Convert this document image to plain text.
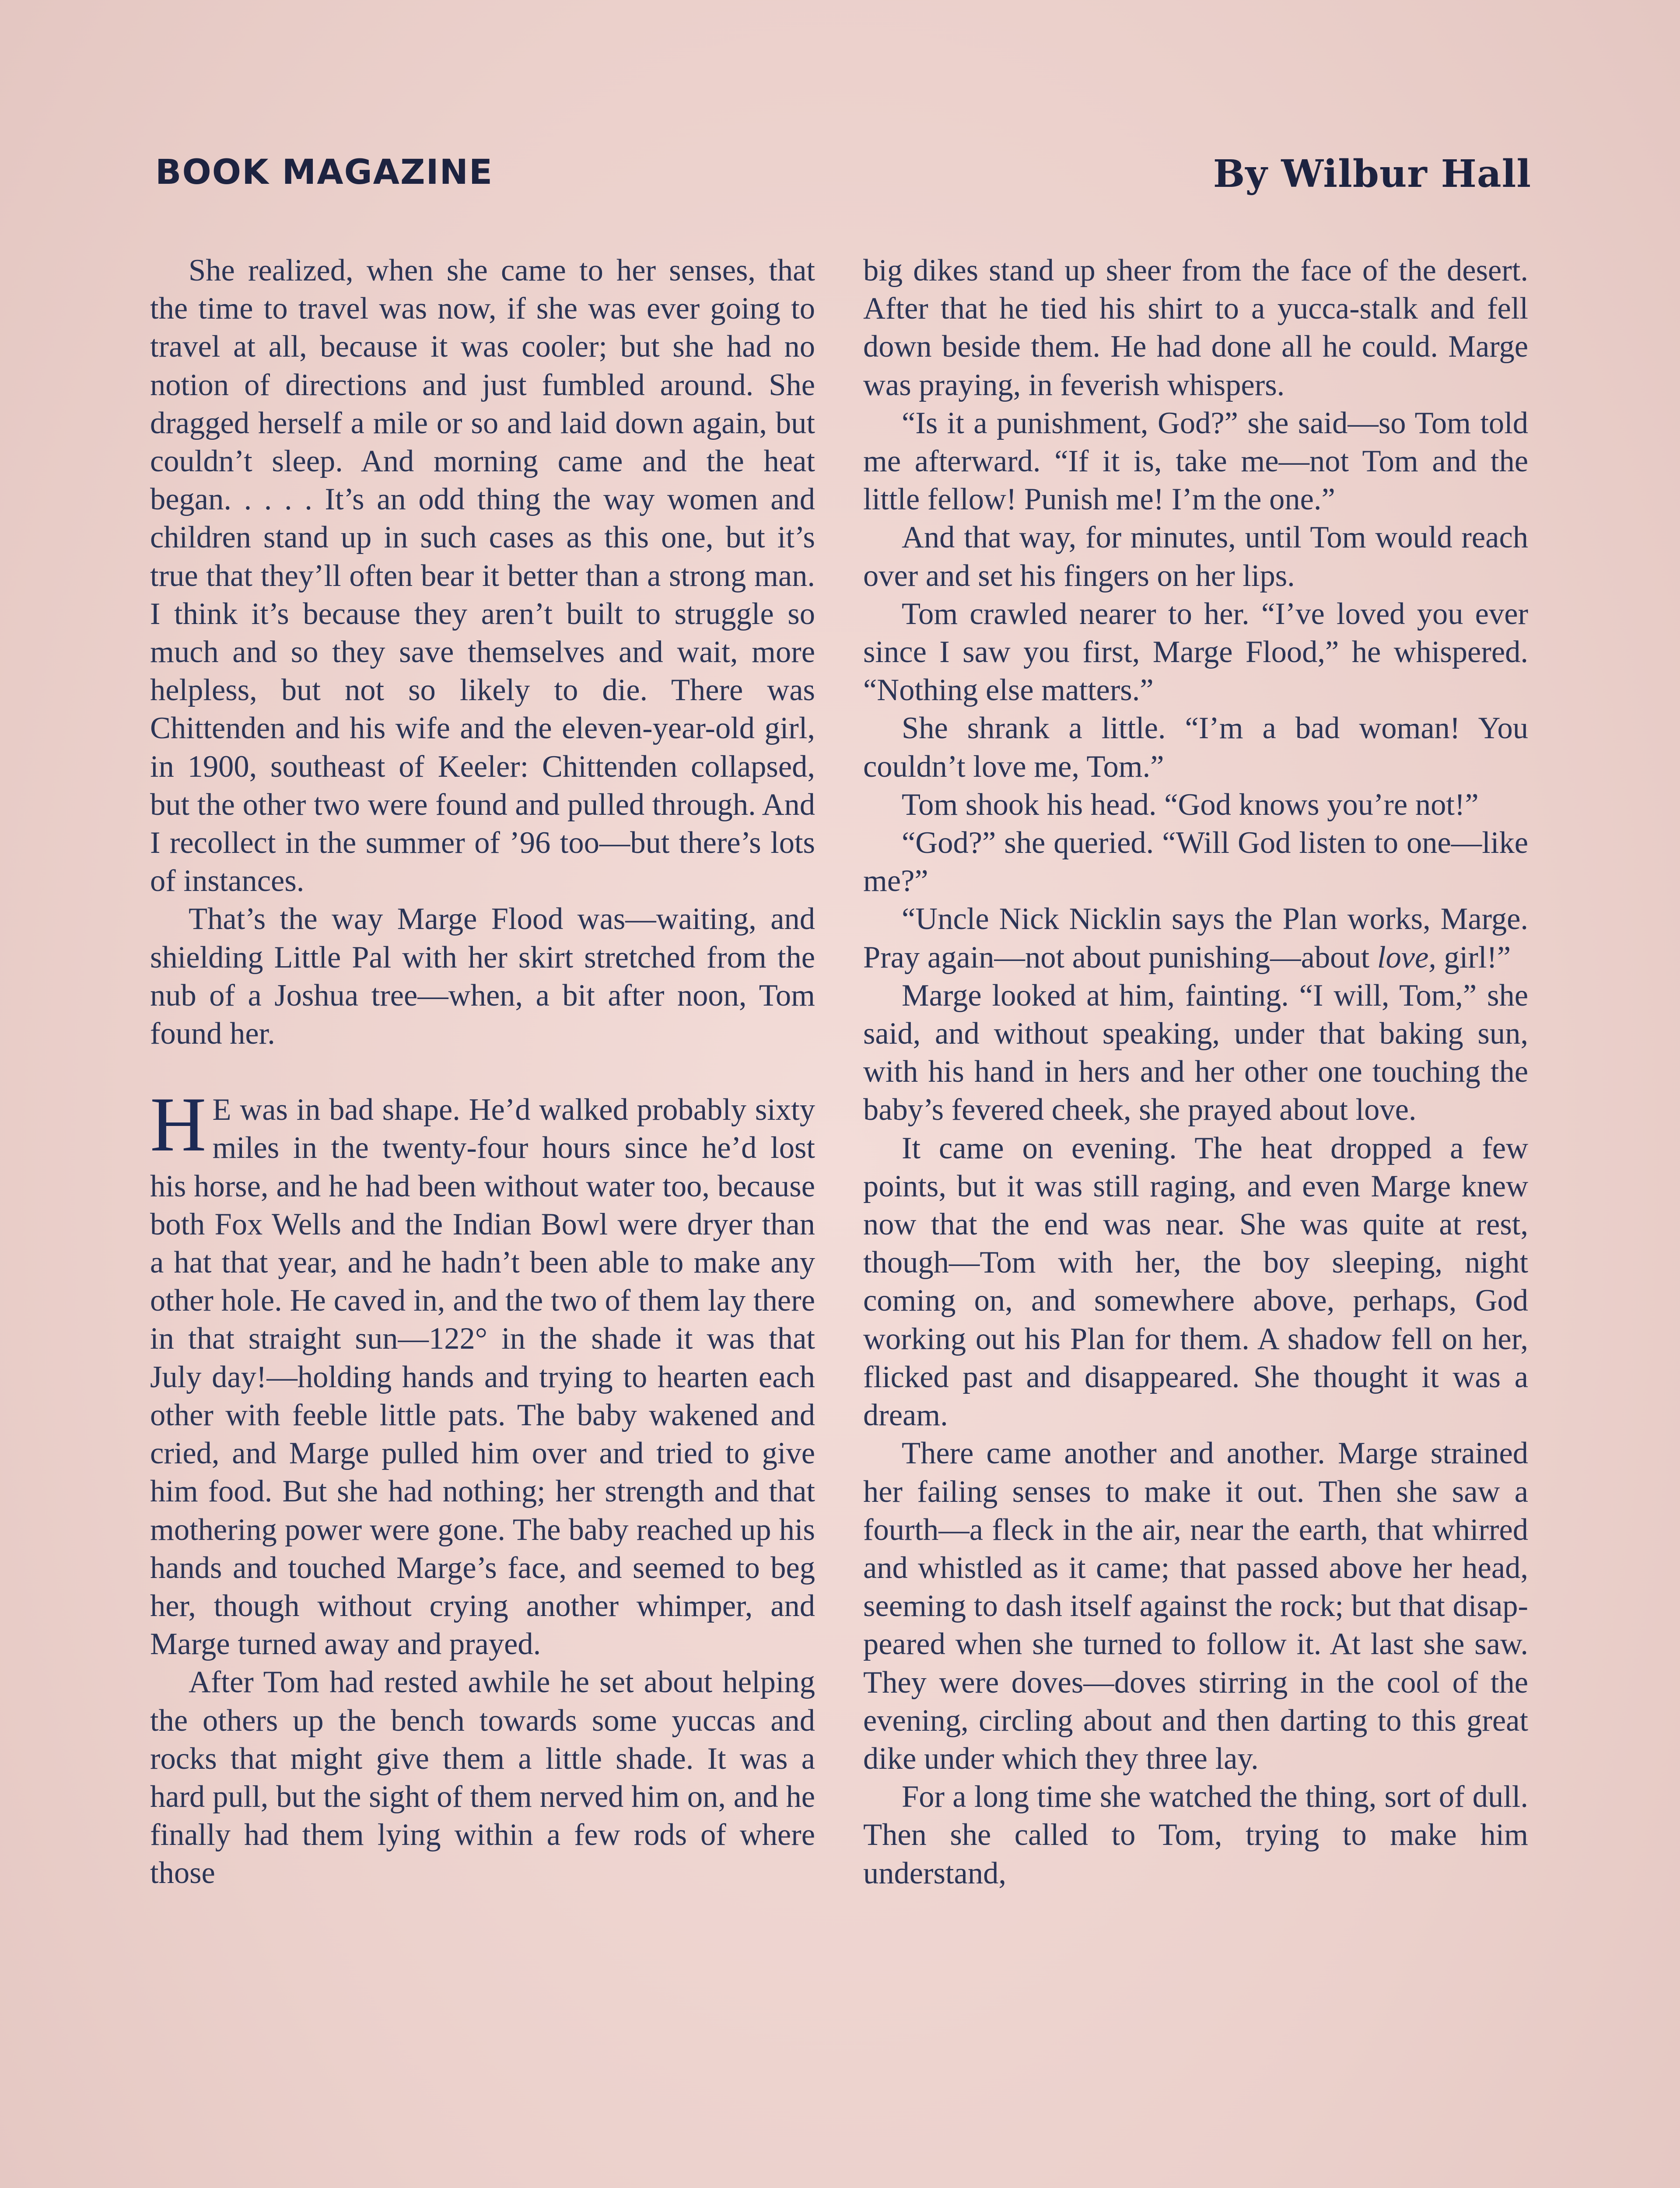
BOOK MAGAZINE	By Wilbur Hall

She realized, when she came to her senses, that the time to travel was now, if she was ever going to travel at all, because it was cooler; but she had no notion of directions and just fumbled around. She dragged herself a mile or so and laid down again, but couldn’t sleep. And morning came and the heat began. . . . . It’s an odd thing the way women and children stand up in such cases as this one, but it’s true that they’ll often bear it better than a strong man. I think it’s because they aren’t built to struggle so much and so they save themselves and wait, more helpless, but not so likely to die. There was Chittenden and his wife and the eleven-year-old girl, in 1900, southeast of Keeler: Chittenden collapsed, but the other two were found and pulled through. And I recollect in the summer of ’96 too—but there’s lots of instances.

That’s the way Marge Flood was—waiting, and shielding Little Pal with her skirt stretched from the nub of a Joshua tree—when, a bit after noon, Tom found her.

H E was in bad shape. He’d walked probably sixty miles in the twenty-four hours since he’d lost his horse, and he had been without water too, because both Fox Wells and the Indian Bowl were dryer than a hat that year, and he hadn’t been able to make any other hole. He caved in, and the two of them lay there in that straight sun—122° in the shade it was that July day!—holding hands and trying to hearten each other with feeble little pats. The baby wakened and cried, and Marge pulled him over and tried to give him food. But she had nothing; her strength and that mothering power were gone. The baby reached up his hands and touched Marge’s face, and seemed to beg her, though without crying another whimper, and Marge turned away and prayed.

After Tom had rested awhile he set about helping the others up the bench towards some yuccas and rocks that might give them a little shade. It was a hard pull, but the sight of them nerved him on, and he finally had them lying within a few rods of where those

big dikes stand up sheer from the face of the desert. After that he tied his shirt to a yucca-stalk and fell down beside them. He had done all he could. Marge was praying, in feverish whispers.

“Is it a punishment, God?” she said—so Tom told me afterward. “If it is, take me—not Tom and the little fellow! Punish me! I’m the one.”

And that way, for minutes, until Tom would reach over and set his fingers on her lips.

Tom crawled nearer to her. “I’ve loved you ever since I saw you first, Marge Flood,” he whispered. “Nothing else matters.”

She shrank a little. “I’m a bad woman! You couldn’t love me, Tom.”

Tom shook his head. “God knows you’re not!”

“God?” she queried. “Will God listen to one—like me?”

“Uncle Nick Nicklin says the Plan works, Marge. Pray again—not about punishing—about love, girl!”

Marge looked at him, fainting. “I will, Tom,” she said, and without speaking, under that baking sun, with his hand in hers and her other one touching the baby’s fevered cheek, she prayed about love.

It came on evening. The heat dropped a few points, but it was still raging, and even Marge knew now that the end was near. She was quite at rest, though—Tom with her, the boy sleeping, night coming on, and somewhere above, perhaps, God working out his Plan for them. A shadow fell on her, flicked past and disappeared. She thought it was a dream.

There came another and another. Marge strained her failing senses to make it out. Then she saw a fourth—a fleck in the air, near the earth, that whirred and whistled as it came; that passed above her head, seeming to dash itself against the rock; but that disappeared when she turned to follow it. At last she saw. They were doves—doves stirring in the cool of the evening, circling about and then darting to this great dike under which they three lay.

For a long time she watched the thing, sort of dull. Then she called to Tom, trying to make him understand,
